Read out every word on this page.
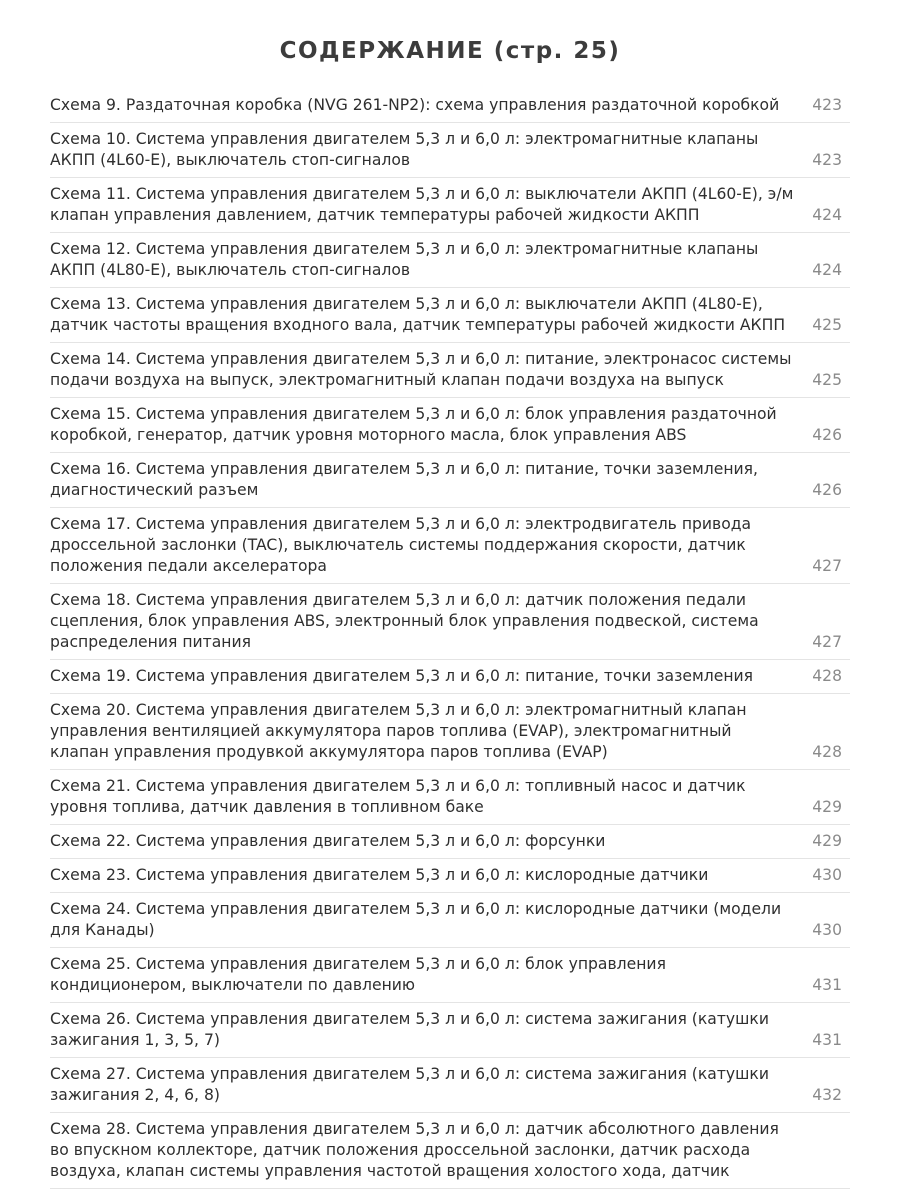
СОДЕРЖАНИЕ (стр. 25)
Схема 9. Раздаточная коробка (NVG 261-NP2): схема управления раздаточной коробкой	423
Схема 10. Система управления двигателем 5,3 л и 6,0 л: электромагнитные клапаны АКПП (4L60-E), выключатель стоп-сигналов	423
Схема 11. Система управления двигателем 5,3 л и 6,0 л: выключатели АКПП (4L60-E), э/м клапан управления давлением, датчик температуры рабочей жидкости АКПП	424
Схема 12. Система управления двигателем 5,3 л и 6,0 л: электромагнитные клапаны АКПП (4L80-E), выключатель стоп-сигналов	424
Схема 13. Система управления двигателем 5,3 л и 6,0 л: выключатели АКПП (4L80-E), датчик частоты вращения входного вала, датчик температуры рабочей жидкости АКПП	425
Схема 14. Система управления двигателем 5,3 л и 6,0 л: питание, электронасос системы подачи воздуха на выпуск, электромагнитный клапан подачи воздуха на выпуск	425
Схема 15. Система управления двигателем 5,3 л и 6,0 л: блок управления раздаточной коробкой, генератор, датчик уровня моторного масла, блок управления ABS	426
Схема 16. Система управления двигателем 5,3 л и 6,0 л: питание, точки заземления, диагностический разъем	426
Схема 17. Система управления двигателем 5,3 л и 6,0 л: электродвигатель привода дроссельной заслонки (TAC), выключатель системы поддержания скорости, датчик положения педали акселератора	427
Схема 18. Система управления двигателем 5,3 л и 6,0 л: датчик положения педали сцепления, блок управления ABS, электронный блок управления подвеской, система распределения питания	427
Схема 19. Система управления двигателем 5,3 л и 6,0 л: питание, точки заземления	428
Схема 20. Система управления двигателем 5,3 л и 6,0 л: электромагнитный клапан управления вентиляцией аккумулятора паров топлива (EVAP), электромагнитный клапан управления продувкой аккумулятора паров топлива (EVAP)	428
Схема 21. Система управления двигателем 5,3 л и 6,0 л: топливный насос и датчик уровня топлива, датчик давления в топливном баке	429
Схема 22. Система управления двигателем 5,3 л и 6,0 л: форсунки	429
Схема 23. Система управления двигателем 5,3 л и 6,0 л: кислородные датчики	430
Схема 24. Система управления двигателем 5,3 л и 6,0 л: кислородные датчики (модели для Канады)	430
Схема 25. Система управления двигателем 5,3 л и 6,0 л: блок управления кондиционером, выключатели по давлению	431
Схема 26. Система управления двигателем 5,3 л и 6,0 л: система зажигания (катушки зажигания 1, 3, 5, 7)	431
Схема 27. Система управления двигателем 5,3 л и 6,0 л: система зажигания (катушки зажигания 2, 4, 6, 8)	432
Схема 28. Система управления двигателем 5,3 л и 6,0 л: датчик абсолютного давления во впускном коллекторе, датчик положения дроссельной заслонки, датчик расхода воздуха, клапан системы управления частотой вращения холостого хода, датчик
